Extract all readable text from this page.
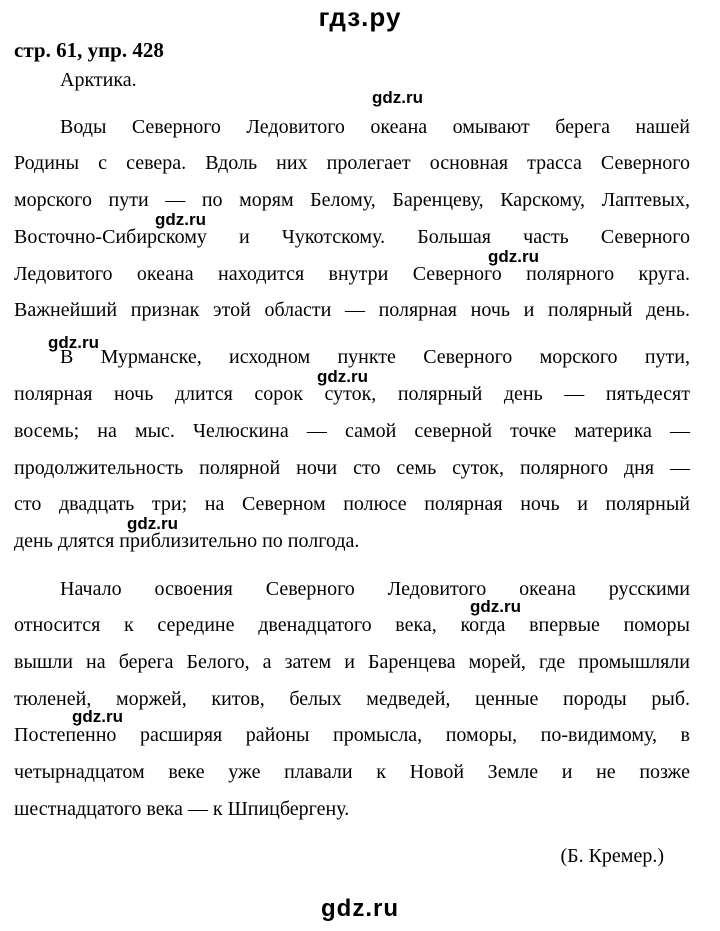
гдз.ру
стр. 61, упр. 428
Арктика.
Воды Северного Ледовитого океана омывают берега нашей
Родины с севера. Вдоль них пролегает основная трасса Северного
морского пути — по морям Белому, Баренцеву, Карскому, Лаптевых,
Восточно-Сибирскому и Чукотскому. Большая часть Северного
Ледовитого океана находится внутри Северного полярного круга.
Важнейший признак этой области — полярная ночь и полярный день.
В Мурманске, исходном пункте Северного морского пути,
полярная ночь длится сорок суток, полярный день — пятьдесят
восемь; на мыс. Челюскина — самой северной точке материка —
продолжительность полярной ночи сто семь суток, полярного дня —
сто двадцать три; на Северном полюсе полярная ночь и полярный
день длятся приблизительно по полгода.
Начало освоения Северного Ледовитого океана русскими
относится к середине двенадцатого века, когда впервые поморы
вышли на берега Белого, а затем и Баренцева морей, где промышляли
тюленей, моржей, китов, белых медведей, ценные породы рыб.
Постепенно расширяя районы промысла, поморы, по-видимому, в
четырнадцатом веке уже плавали к Новой Земле и не позже
шестнадцатого века — к Шпицбергену.
(Б. Кремер.)
gdz.ru
gdz.ru
gdz.ru
gdz.ru
gdz.ru
gdz.ru
gdz.ru
gdz.ru
gdz.ru
